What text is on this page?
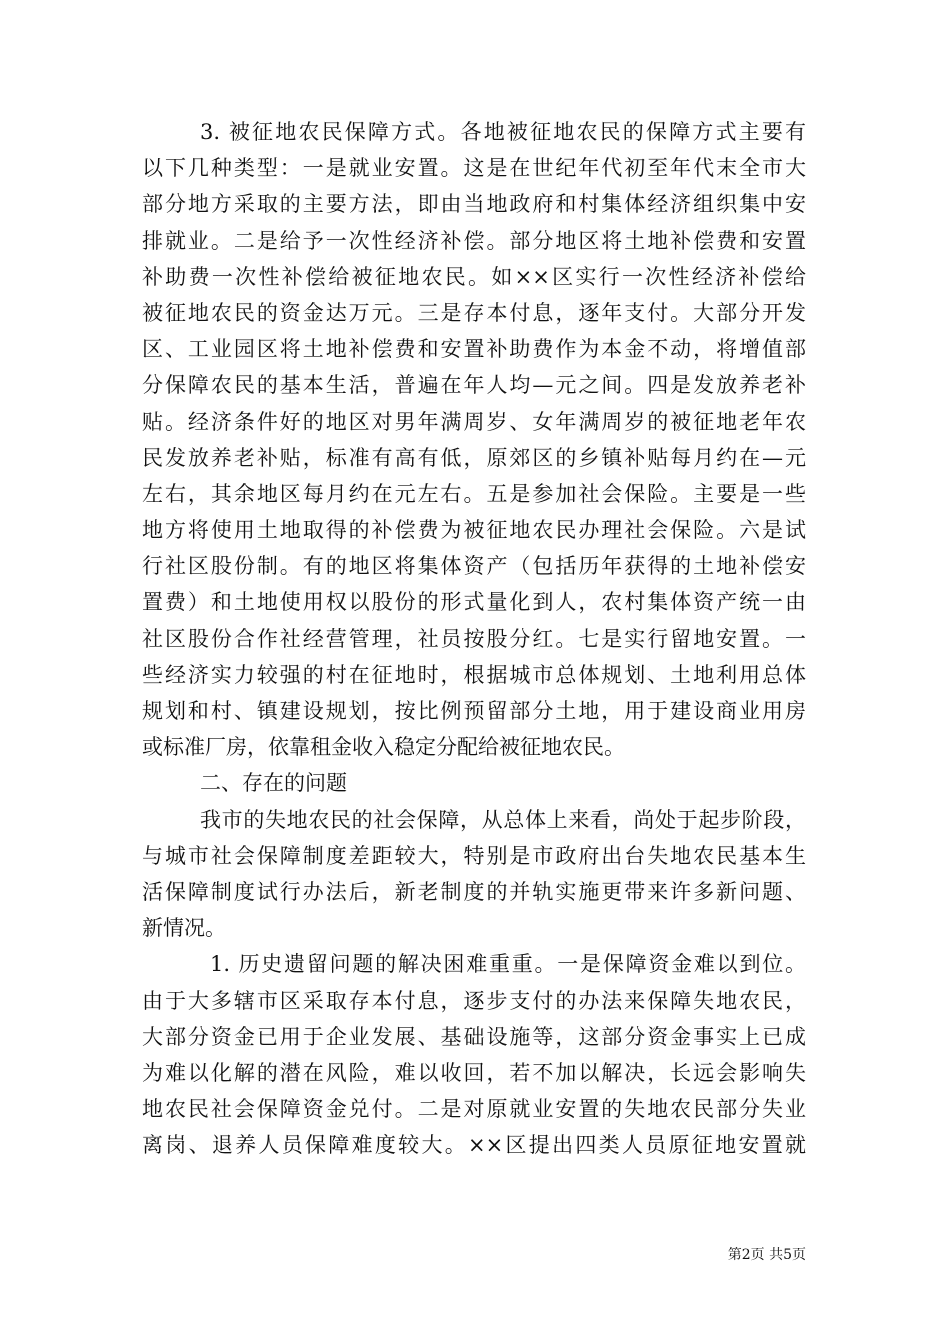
3. 被征地农民保障方式。各地被征地农民的保障方式主要有
以下几种类型：一是就业安置。这是在世纪年代初至年代末全市大
部分地方采取的主要方法，即由当地政府和村集体经济组织集中安
排就业。二是给予一次性经济补偿。部分地区将土地补偿费和安置
补助费一次性补偿给被征地农民。如××区实行一次性经济补偿给
被征地农民的资金达万元。三是存本付息，逐年支付。大部分开发
区、工业园区将土地补偿费和安置补助费作为本金不动，将增值部
分保障农民的基本生活，普遍在年人均—元之间。四是发放养老补
贴。经济条件好的地区对男年满周岁、女年满周岁的被征地老年农
民发放养老补贴，标准有高有低，原郊区的乡镇补贴每月约在—元
左右，其余地区每月约在元左右。五是参加社会保险。主要是一些
地方将使用土地取得的补偿费为被征地农民办理社会保险。六是试
行社区股份制。有的地区将集体资产（包括历年获得的土地补偿安
置费）和土地使用权以股份的形式量化到人，农村集体资产统一由
社区股份合作社经营管理，社员按股分红。七是实行留地安置。一
些经济实力较强的村在征地时，根据城市总体规划、土地利用总体
规划和村、镇建设规划，按比例预留部分土地，用于建设商业用房
或标准厂房，依靠租金收入稳定分配给被征地农民。
二、存在的问题
我市的失地农民的社会保障，从总体上来看，尚处于起步阶段，
与城市社会保障制度差距较大，特别是市政府出台失地农民基本生
活保障制度试行办法后，新老制度的并轨实施更带来许多新问题、
新情况。
1. 历史遗留问题的解决困难重重。一是保障资金难以到位。
由于大多辖市区采取存本付息，逐步支付的办法来保障失地农民，
大部分资金已用于企业发展、基础设施等，这部分资金事实上已成
为难以化解的潜在风险，难以收回，若不加以解决，长远会影响失
地农民社会保障资金兑付。二是对原就业安置的失地农民部分失业
离岗、退养人员保障难度较大。××区提出四类人员原征地安置就
第2页 共5页
